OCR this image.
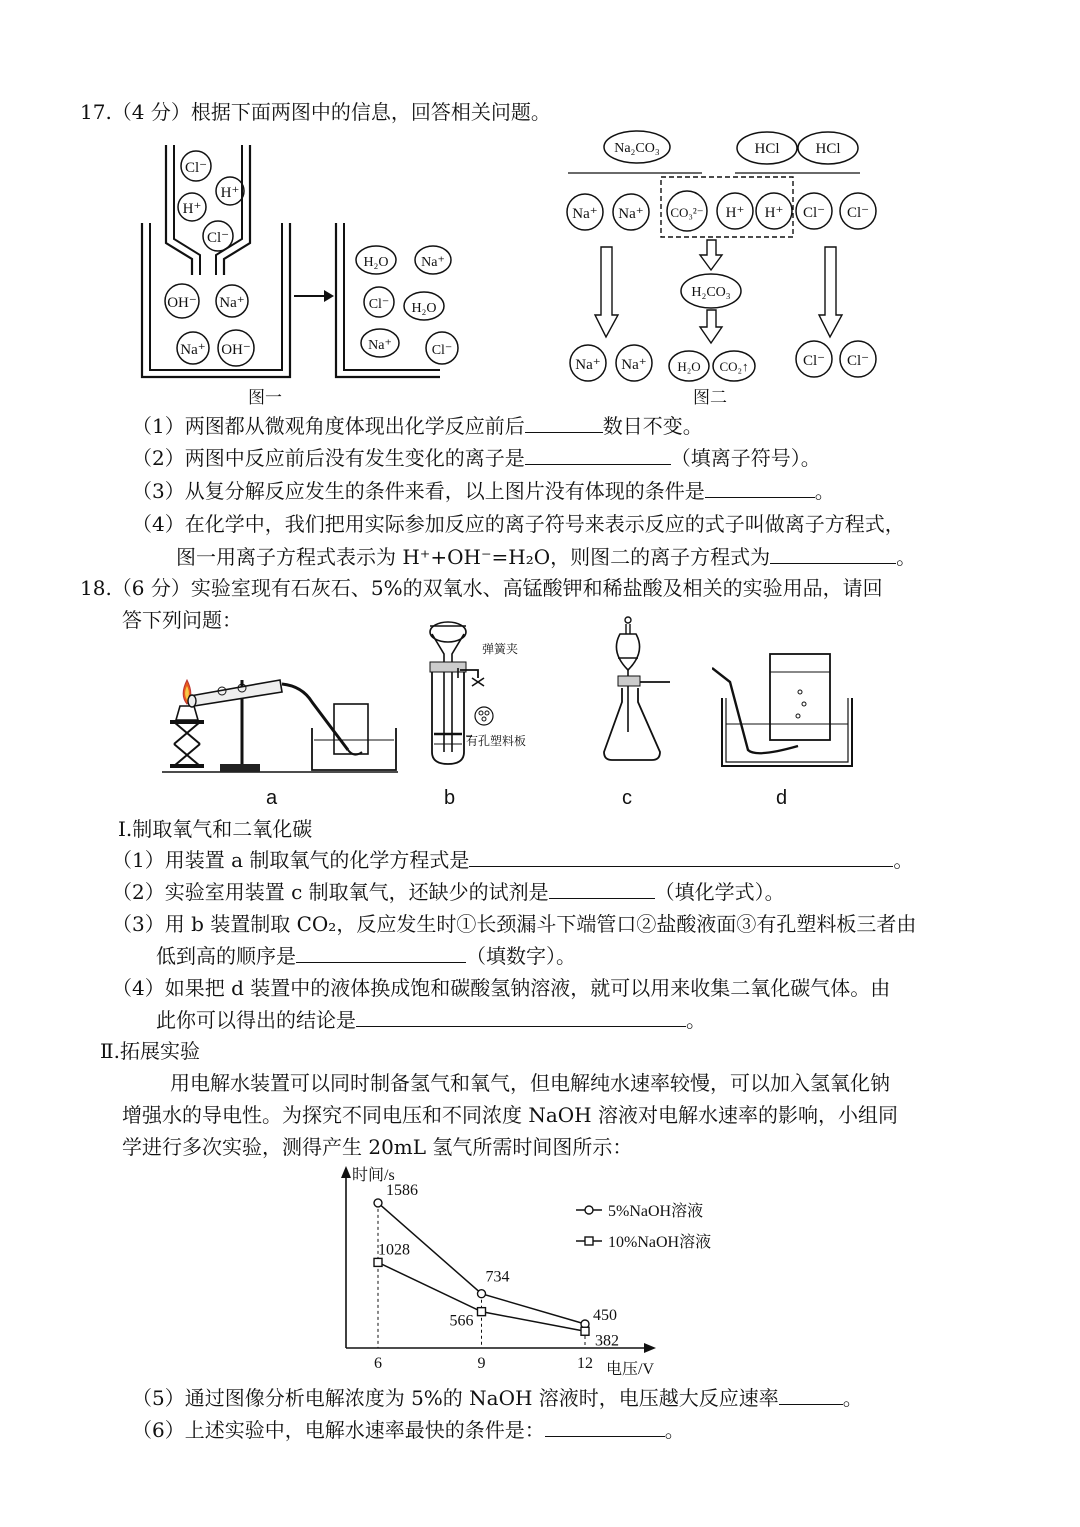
17.（4 分）根据下面两图中的信息，回答相关问题。
Cl⁻
H⁺
H⁺
Cl⁻
OH⁻ Na⁺
Na⁺ OH⁻
图一
H₂O Na⁺
Cl⁻ H₂O
Na⁺	Cl⁻
Na₂CO₃	HCl HCl
Na⁺ Na⁺ CO₃²⁻ H⁺ H⁺ Cl⁻ Cl⁻
H₂CO₃
Na⁺ Na⁺ H₂O CO₂↑	Cl⁻ Cl⁻
图二
（1）两图都从微观角度体现出化学反应前后	数日不变。
（2）两图中反应前后没有发生变化的离子是	（填离子符号）。
（3）从复分解反应发生的条件来看，以上图片没有体现的条件是	。
（4）在化学中，我们把用实际参加反应的离子符号来表示反应的式子叫做离子方程式，
图一用离子方程式表示为 H⁺+OH⁻=H₂O，则图二的离子方程式为	。
18.（6 分）实验室现有石灰石、5%的双氧水、高锰酸钾和稀盐酸及相关的实验用品，请回
答下列问题：
a
弹簧夹
有孔塑料板
b	c	d
Ⅰ.制取氧气和二氧化碳
（1）用装置 a 制取氧气的化学方程式是	。
（2）实验室用装置 c 制取氧气，还缺少的试剂是	（填化学式）。
（3）用 b 装置制取 CO₂，反应发生时①长颈漏斗下端管口②盐酸液面③有孔塑料板三者由
低到高的顺序是	（填数字）。
（4）如果把 d 装置中的液体换成饱和碳酸氢钠溶液，就可以用来收集二氧化碳气体。由
此你可以得出的结论是	。
Ⅱ.拓展实验
用电解水装置可以同时制备氢气和氧气，但电解纯水速率较慢，可以加入氢氧化钠
增强水的导电性。为探究不同电压和不同浓度 NaOH 溶液对电解水速率的影响，小组同
学进行多次实验，测得产生 20mL 氢气所需时间图所示：
时间/s
电压/V
6	9	12
1586
734
450
1028
566
382
5%NaOH溶液
10%NaOH溶液
（5）通过图像分析电解浓度为 5%的 NaOH 溶液时，电压越大反应速率	。
（6）上述实验中，电解水速率最快的条件是：	。
